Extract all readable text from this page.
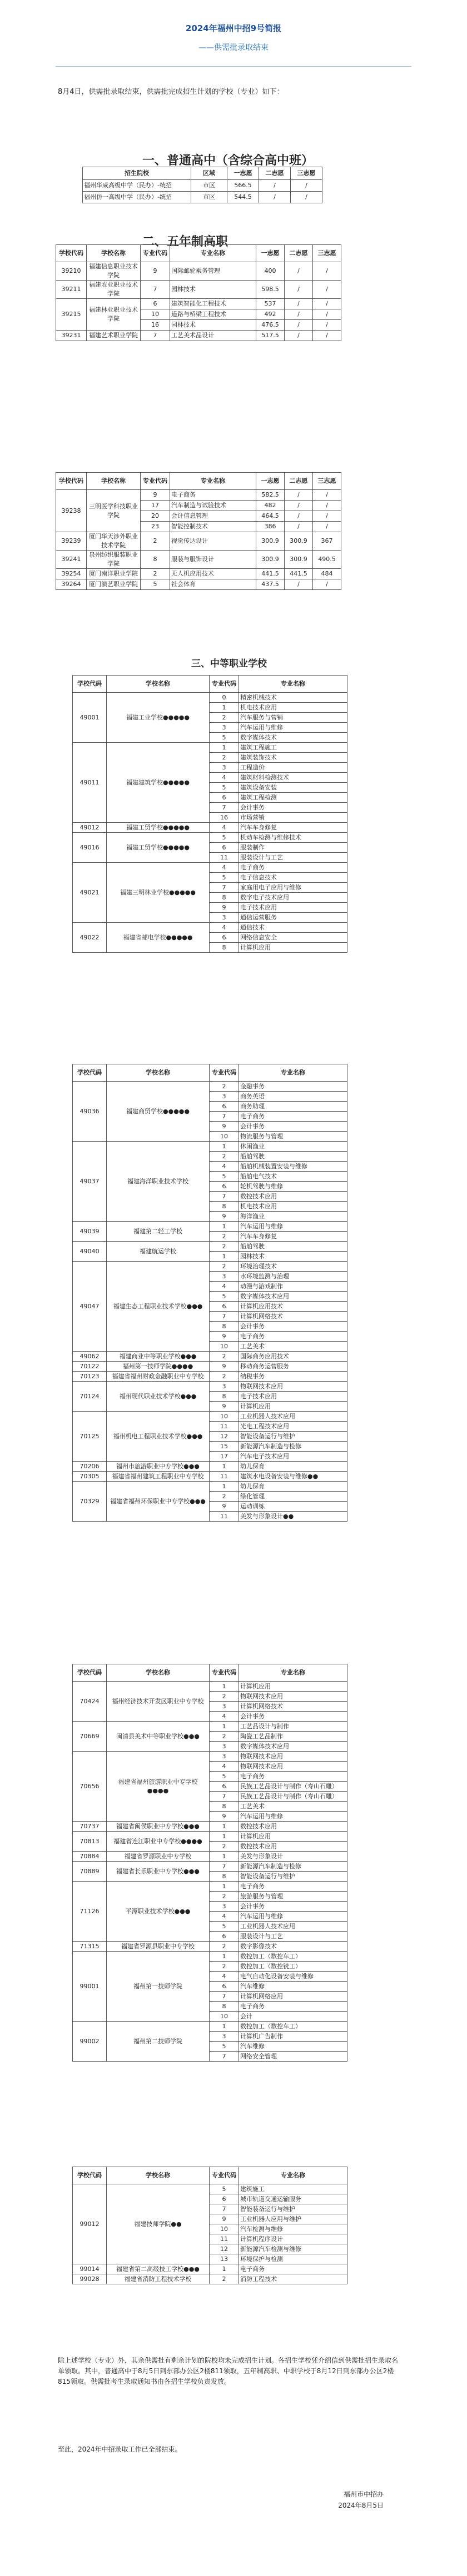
2024年福州中招9号简报
——供需批录取结束
8月4日，供需批录取结束，供需批完成招生计划的学校（专业）如下：
一、普通高中（含综合高中班）
二、五年制高职
三、中等职业学校
招生院校	区域	一志愿	二志愿	三志愿
福州华威高级中学（民办）-统招	市区	566.5	/	/
福州仿一高级中学（民办）-统招	市区	544.5	/	/
学校代码	学校名称	专业代码	专业名称	一志愿	二志愿	三志愿
39210	福建信息职业技术学院	9	国际邮轮乘务管理	400	/	/
39211	福建农业职业技术学院	7	园林技术	598.5	/	/
39215	福建林业职业技术学院	6	建筑智能化工程技术	537	/	/
		10	道路与桥梁工程技术	492	/	/
		16	园林技术	476.5	/	/
39231	福建艺术职业学院	7	工艺美术品设计	517.5	/	/
学校代码	学校名称	专业代码	专业名称	一志愿	二志愿	三志愿
39238	三明医学科技职业学院	9	电子商务	582.5	/	/
		17	汽车制造与试验技术	482	/	/
		20	会计信息管理	464.5	/	/
		23	智能控制技术	386	/	/
39239	厦门华天涉外职业技术学院	2	视觉传达设计	300.9	300.9	367
39241	泉州纺织服装职业学院	8	服装与服饰设计	300.9	300.9	490.5
39254	厦门南洋职业学院	2	无人机应用技术	441.5	441.5	484
39264	厦门演艺职业学院	5	社会体育	437.5	/	/
学校代码	学校名称	专业代码	专业名称
49001	福建工业学校●●●●●	0	精密机械技术
		1	机电技术应用
		2	汽车服务与营销
		3	汽车运用与维修
		5	数字媒体技术
49011	福建建筑学校●●●●●	1	建筑工程施工
		2	建筑装饰技术
		3	工程造价
		4	建筑材料检测技术
		5	建筑设备安装
		6	建筑工程检测
		7	会计事务
		16	市场营销
49012	福建工贸学校●●●●●	4	汽车车身修复
49016	福建工贸学校●●●●●	5	机动车检测与维修技术
		6	服装制作
		11	服装设计与工艺
49021	福建三明林业学校●●●●●	4	电子商务
		5	电子信息技术
		7	家庭用电子应用与维修
		8	数字电子技术应用
		9	电子技术应用
		3	通信运营服务
49022	福建省邮电学校●●●●●	4	通信技术
		6	网络信息安全
		8	计算机应用
学校代码	学校名称	专业代码	专业名称
49036	福建商贸学校●●●●●	2	金融事务
		3	商务英语
		6	商务助理
		7	电子商务
		9	会计事务
		10	物流服务与管理
49037	福建海洋职业技术学校	1	休闲渔业
		2	船舶驾驶
		4	船舶机械装置安装与维修
		5	船舶电气技术
		6	轮机驾驶与维修
		7	数控技术应用
		8	机电技术应用
		9	海洋渔业
49039	福建第二轻工学校	1	汽车运用与维修
		2	汽车车身修复
49040	福建航运学校	2	船舶驾驶
		1	园林技术
49047	福建生态工程职业技术学校●●●	2	环境治理技术
		3	水环境监测与治理
		4	动漫与游戏制作
		5	数字媒体技术应用
		6	计算机应用技术
		7	计算机网络技术
		8	会计事务
		9	电子商务
		10	工艺美术
49062	福建商业中等职业学校●●●	2	国际商务应用技术
70122	福州第一技师学院●●●●	9	移动商务运营服务
70123	福建省福州财政金融职业中专学校	2	纳税事务
70124	福州现代职业技术学校●●●	3	物联网技术应用
		8	电子技术应用
		9	计算机应用
70125	福州机电工程职业技术学校●●●	10	工业机器人技术应用
		11	光电工程技术应用
		12	智能设备运行与维护
		15	新能源汽车制造与检修
		17	汽车电子技术应用
70206	福州市旅游职业中专学校●●●	1	幼儿保育
70305	福建省福州建筑工程职业中专学校	11	建筑水电设备安装与维修●●
70329	福建省福州环保职业中专学校●●●	1	幼儿保育
		2	绿化管理
		9	运动训练
		11	美发与形象设计●●
学校代码	学校名称	专业代码	专业名称
70424	福州经济技术开发区职业中专学校	1	计算机应用
		2	物联网技术应用
		3	计算机网络技术
		4	会计事务
70669	闽清县美术中等职业学校●●●	1	工艺品设计与制作
		2	陶瓷工艺品制作
		3	数字媒体技术应用
70656	福建省福州旅游职业中专学校●●●●	3	物联网技术应用
		4	物联网技术应用
		5	电子商务
		6	民族工艺品设计与制作（寿山石雕）
		7	民族工艺品设计与制作（寿山石雕）
		8	工艺美术
		9	汽车运用与维修
70737	福建省闽侯职业中专学校●●●	1	数控技术应用
70813	福建省连江职业中专学校●●●●	1	计算机应用
		2	数控技术应用
70884	福建省罗源职业中专学校	1	美发与形象设计
70889	福建省长乐职业中专学校●●●	7	新能源汽车制造与检修
		8	智能设备运行与维护
71126	平潭职业技术学校●●●	1	电子商务
		2	旅游服务与管理
		3	会计事务
		4	汽车运用与维修
		5	工业机器人技术应用
		6	服装设计与工艺
71315	福建省罗源县职业中专学校	2	数字影像技术
99001	福州第一技师学院	1	数控加工（数控车工）
		2	数控加工（数控铣工）
		4	电气自动化设备安装与维修
		6	汽车维修
		7	计算机网络应用
		8	电子商务
		10	会计
99002	福州第二技师学院	1	数控加工（数控车工）
		3	计算机广告制作
		5	汽车维修
		7	网络安全管理
学校代码	学校名称	专业代码	专业名称
99012	福建技师学院●●	5	建筑施工
		6	城市轨道交通运输服务
		7	智能装备运行与维护
		9	工业机器人应用与维护
		10	汽车检测与维修
		11	计算机程序设计
		12	新能源汽车检测与维修
		13	环境保护与检测
99014	福建省第二高级技工学校●●●	1	电子商务
99028	福建省消防工程技术学校	2	消防工程技术
除上述学校（专业）外，其余供需批有剩余计划的院校均未完成招生计划。各招生学校凭介绍信到供需批招生录取名单领取。其中，普通高中于8月5日到东部办公区2楼811领取，五年制高职、中职学校于8月12日到东部办公区2楼815领取。供需批考生录取通知书由各招生学校负责发放。
至此，2024年中招录取工作已全部结束。
福州市中招办
2024年8月5日
